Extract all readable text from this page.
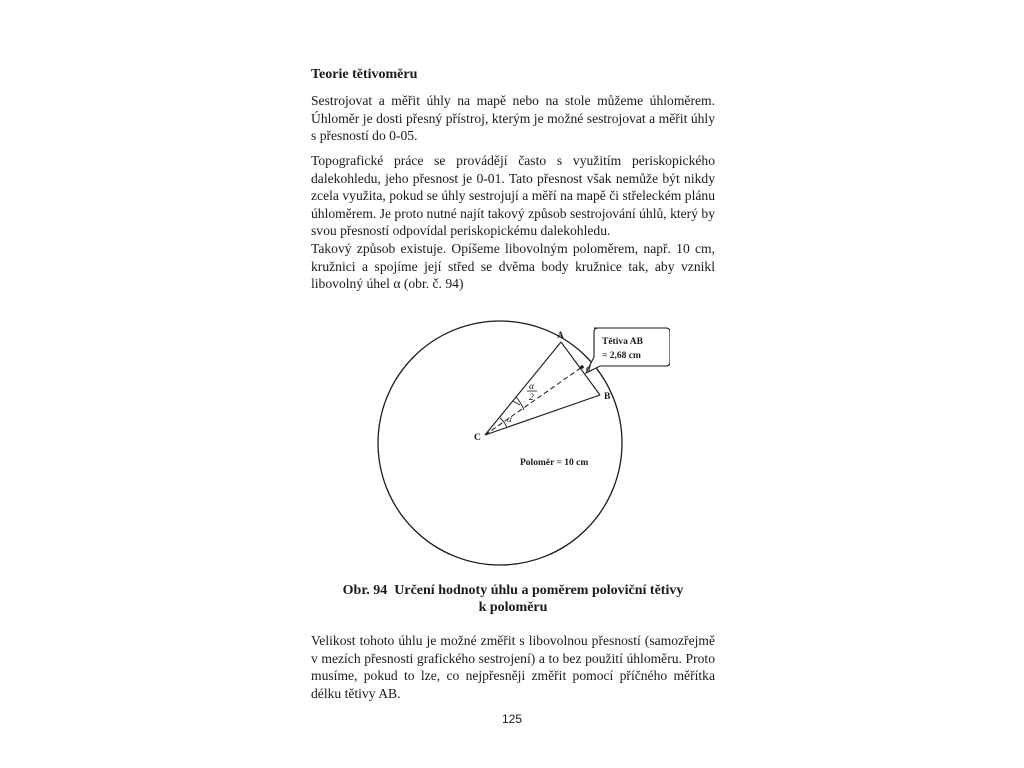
Teorie tětivoměru

Sestrojovat a měřit úhly na mapě nebo na stole můžeme úhloměrem. Úhloměr je dosti přesný přístroj, kterým je možné sestrojovat a měřit úhly s přesností do 0-05.

Topografické práce se provádějí často s využitím periskopického dalekohledu, jeho přesnost je 0-01. Tato přesnost však nemůže být nikdy zcela využita, pokud se úhly sestrojují a měří na mapě či střeleckém plánu úhloměrem. Je proto nutné najít takový způsob sestrojování úhlů, který by svou přesností odpovídal periskopickému dalekohledu.

Takový způsob existuje. Opíšeme libovolným poloměrem, např. 10 cm, kružnici a spojíme její střed se dvěma body kružnice tak, aby vznikl libovolný úhel α (obr. č. 94)

A
B
C
d
α
2
α
Tětiva AB
= 2,68 cm
Poloměr = 10 cm
Obr. 94  Určení hodnoty úhlu a poměrem poloviční tětivy
k poloměru

Velikost tohoto úhlu je možné změřit s libovolnou přesností (samozřejmě v mezích přesnosti grafického sestrojení) a to bez použití úhloměru. Proto musíme, pokud to lze, co nejpřesněji změřit pomocí příčného měřítka délku tětivy AB.

125
